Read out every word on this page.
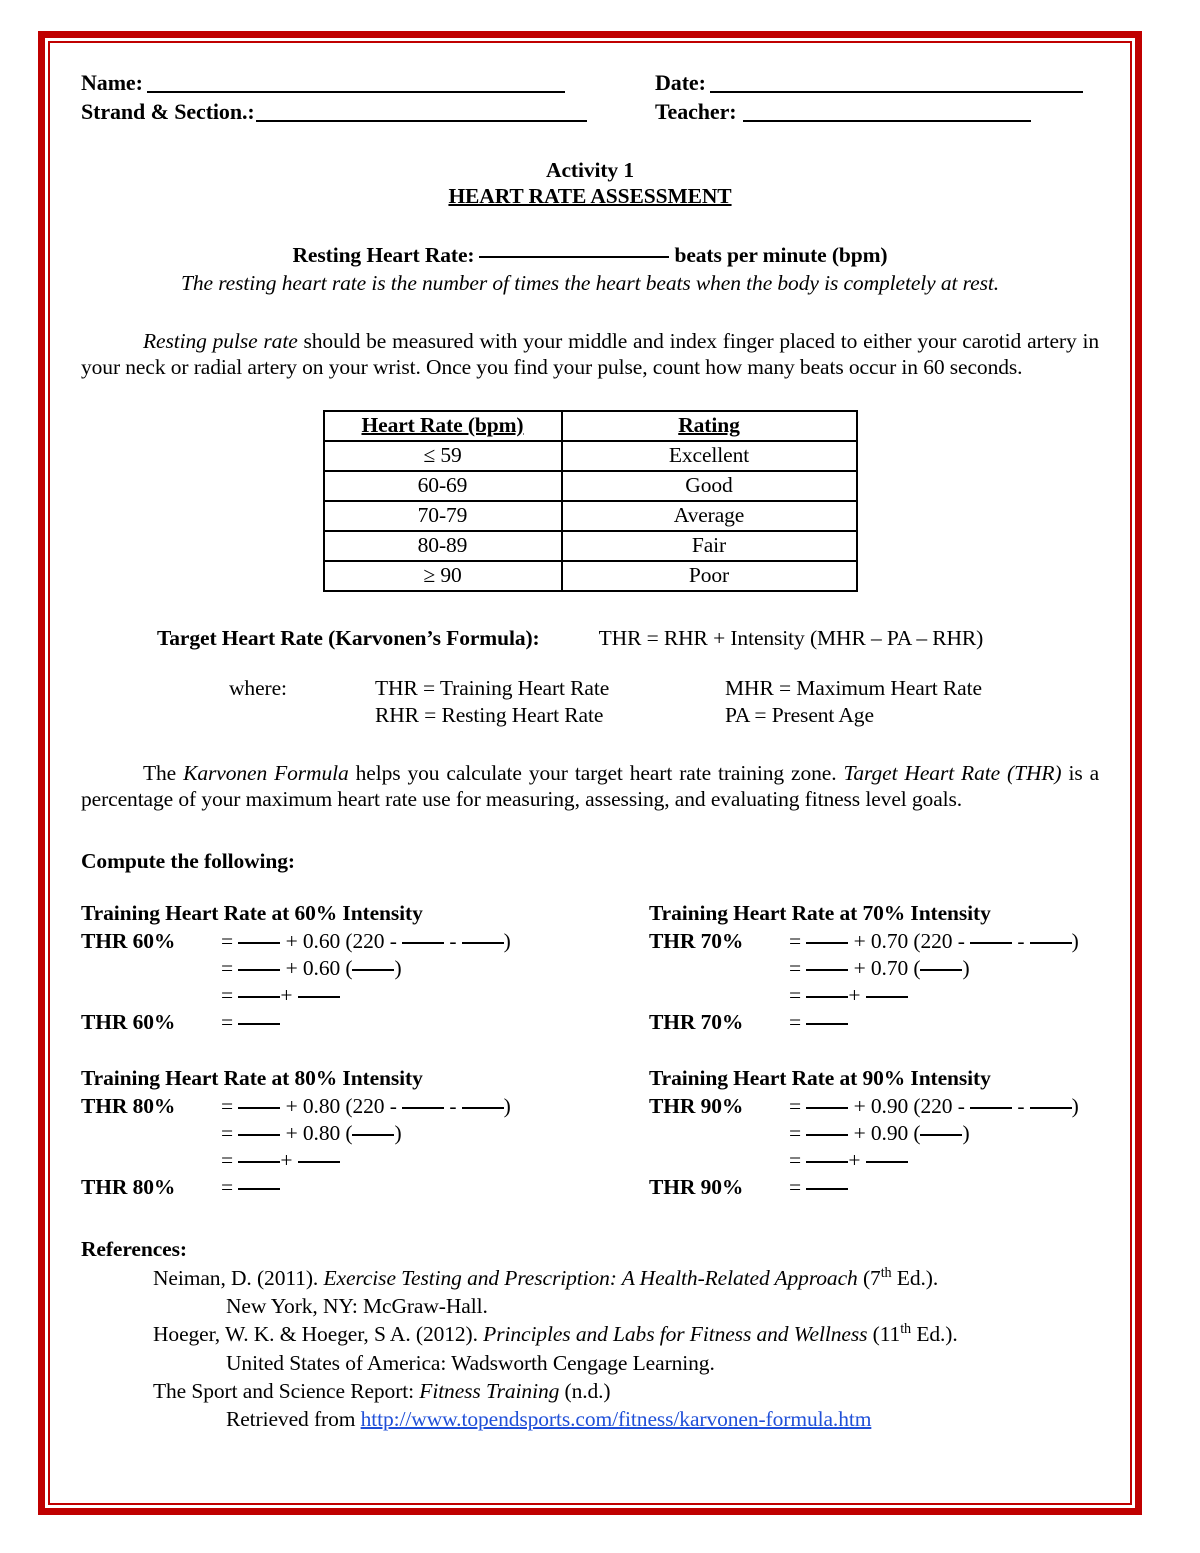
Name:	Date:
Strand & Section.:	Teacher:
Activity 1
HEART RATE ASSESSMENT
Resting Heart Rate:	beats per minute (bpm)
The resting heart rate is the number of times the heart beats when the body is completely at rest.
Resting pulse rate should be measured with your middle and index finger placed to either your carotid artery in your neck or radial artery on your wrist. Once you find your pulse, count how many beats occur in 60 seconds.
Heart Rate (bpm)	Rating
≤ 59	Excellent
60-69	Good
70-79	Average
80-89	Fair
≥ 90	Poor
Target Heart Rate (Karvonen’s Formula):	THR = RHR + Intensity (MHR – PA – RHR)
where:	THR = Training Heart Rate	MHR = Maximum Heart Rate
RHR = Resting Heart Rate	PA = Present Age
The Karvonen Formula helps you calculate your target heart rate training zone. Target Heart Rate (THR) is a percentage of your maximum heart rate use for measuring, assessing, and evaluating fitness level goals.
Compute the following:
Training Heart Rate at 60% Intensity
THR 60%	=  + 0.60 (220 -  - )
=  + 0.60 ( )
= +
THR 60%	=
Training Heart Rate at 70% Intensity
THR 70%	=  + 0.70 (220 -  - )
=  + 0.70 ( )
= +
THR 70%	=
Training Heart Rate at 80% Intensity
THR 80%	=  + 0.80 (220 -  - )
=  + 0.80 ( )
= +
THR 80%	=
Training Heart Rate at 90% Intensity
THR 90%	=  + 0.90 (220 -  - )
=  + 0.90 ( )
= +
THR 90%	=
References:
Neiman, D. (2011). Exercise Testing and Prescription: A Health-Related Approach (7th Ed.).
New York, NY: McGraw-Hall.
Hoeger, W. K. & Hoeger, S A. (2012). Principles and Labs for Fitness and Wellness (11th Ed.).
United States of America: Wadsworth Cengage Learning.
The Sport and Science Report: Fitness Training (n.d.)
Retrieved from http://www.topendsports.com/fitness/karvonen-formula.htm
